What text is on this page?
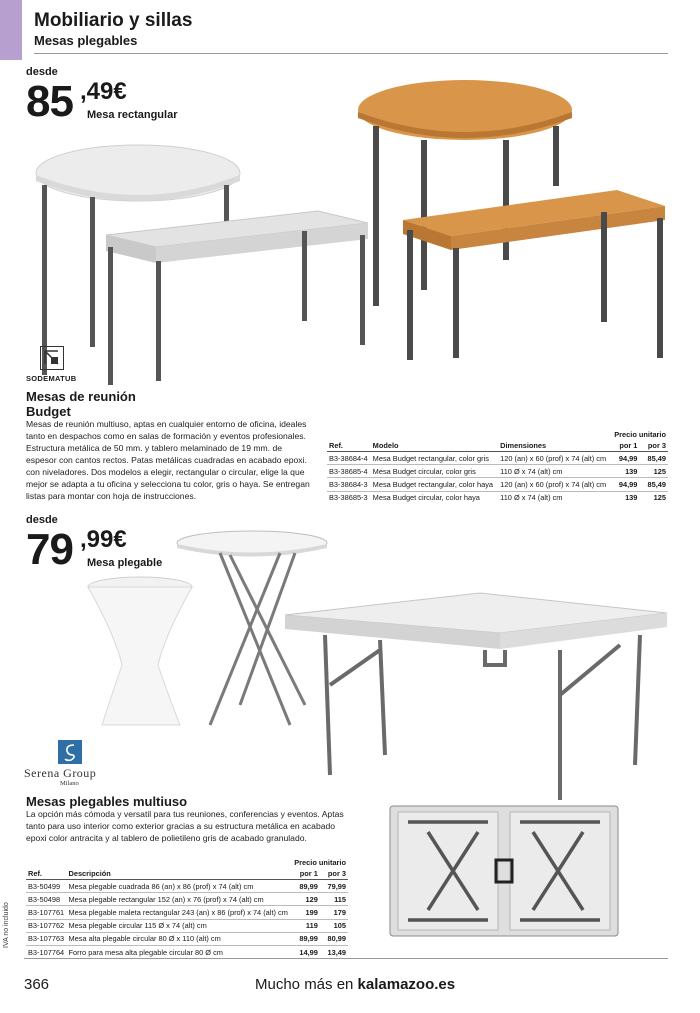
Mobiliario y sillas
Mesas plegables
desde
85 ,49€
Mesa rectangular
SODEMATUB
Mesas de reunión
Budget
Mesas de reunión multiuso, aptas en cualquier entorno de oficina, ideales tanto en despachos como en salas de formación y eventos profesionales. Estructura metálica de 50 mm. y tablero melaminado de 19 mm. de espesor con cantos rectos. Patas metálicas cuadradas en acabado epoxi. con niveladores. Dos modelos a elegir, rectangular o circular, elige la que mejor se adapta a tu oficina y selecciona tu color, gris o haya. Se entregan listas para montar con hoja de instrucciones.
			Precio unitario	
Ref.	Modelo	Dimensiones	por 1	por 3
B3-38684-4	Mesa Budget rectangular, color gris	120 (an) x 60 (prof) x 74 (alt) cm	94,99	85,49
B3-38685-4	Mesa Budget circular, color gris	110 Ø x 74 (alt) cm	139	125
B3-38684-3	Mesa Budget rectangular, color haya	120 (an) x 60 (prof) x 74 (alt) cm	94,99	85,49
B3-38685-3	Mesa Budget circular, color haya	110 Ø x 74 (alt) cm	139	125
desde
79 ,99€
Mesa plegable
Serena Group
Milano
Mesas plegables multiuso
La opción más cómoda y versatil para tus reuniones, conferencias y eventos. Aptas tanto para uso interior como exterior gracias a su estructura metálica en acabado epoxi color antracita y al tablero de polietileno gris de acabado granulado.
		Precio unitario	
Ref.	Descripción	por 1	por 3
B3-50499	Mesa plegable cuadrada 86 (an) x 86 (prof) x 74 (alt) cm	89,99	79,99
B3-50498	Mesa plegable rectangular 152 (an) x 76 (prof) x 74 (alt) cm	129	115
B3-107761	Mesa plegable maleta rectangular 243 (an) x 86 (prof) x 74 (alt) cm	199	179
B3-107762	Mesa plegable circular 115 Ø x 74 (alt) cm	119	105
B3-107763	Mesa alta plegable circular 80 Ø x 110 (alt) cm	89,99	80,99
B3-107764	Forro para mesa alta plegable circular 80 Ø cm	14,99	13,49
IVA no incluido
366	Mucho más en kalamazoo.es
